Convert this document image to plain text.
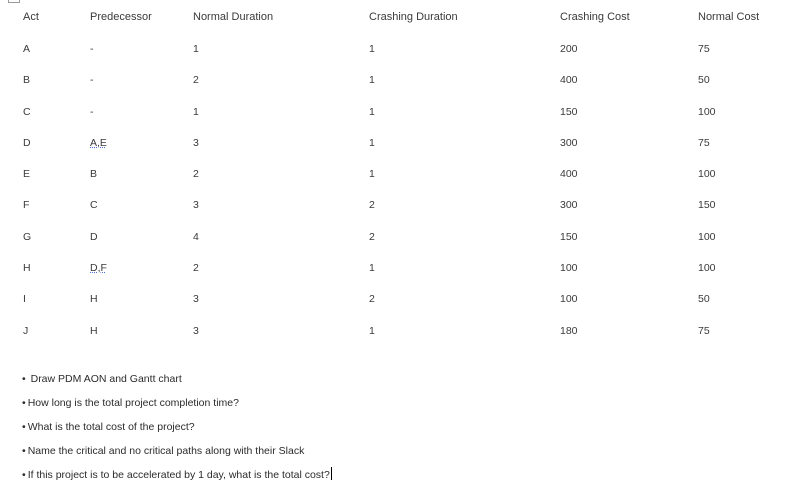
Act	Predecessor	Normal Duration	Crashing Duration	Crashing Cost	Normal Cost
A	-	1	1	200	75
B	-	2	1	400	50
C	-	1	1	150	100
D	A,E	3	1	300	75
E	B	2	1	400	100
F	C	3	2	300	150
G	D	4	2	150	100
H	D,F	2	1	100	100
I	H	3	2	100	50
J	H	3	1	180	75
• Draw PDM AON and Gantt chart
• How long is the total project completion time?
• What is the total cost of the project?
• Name the critical and no critical paths along with their Slack
• If this project is to be accelerated by 1 day, what is the total cost?
